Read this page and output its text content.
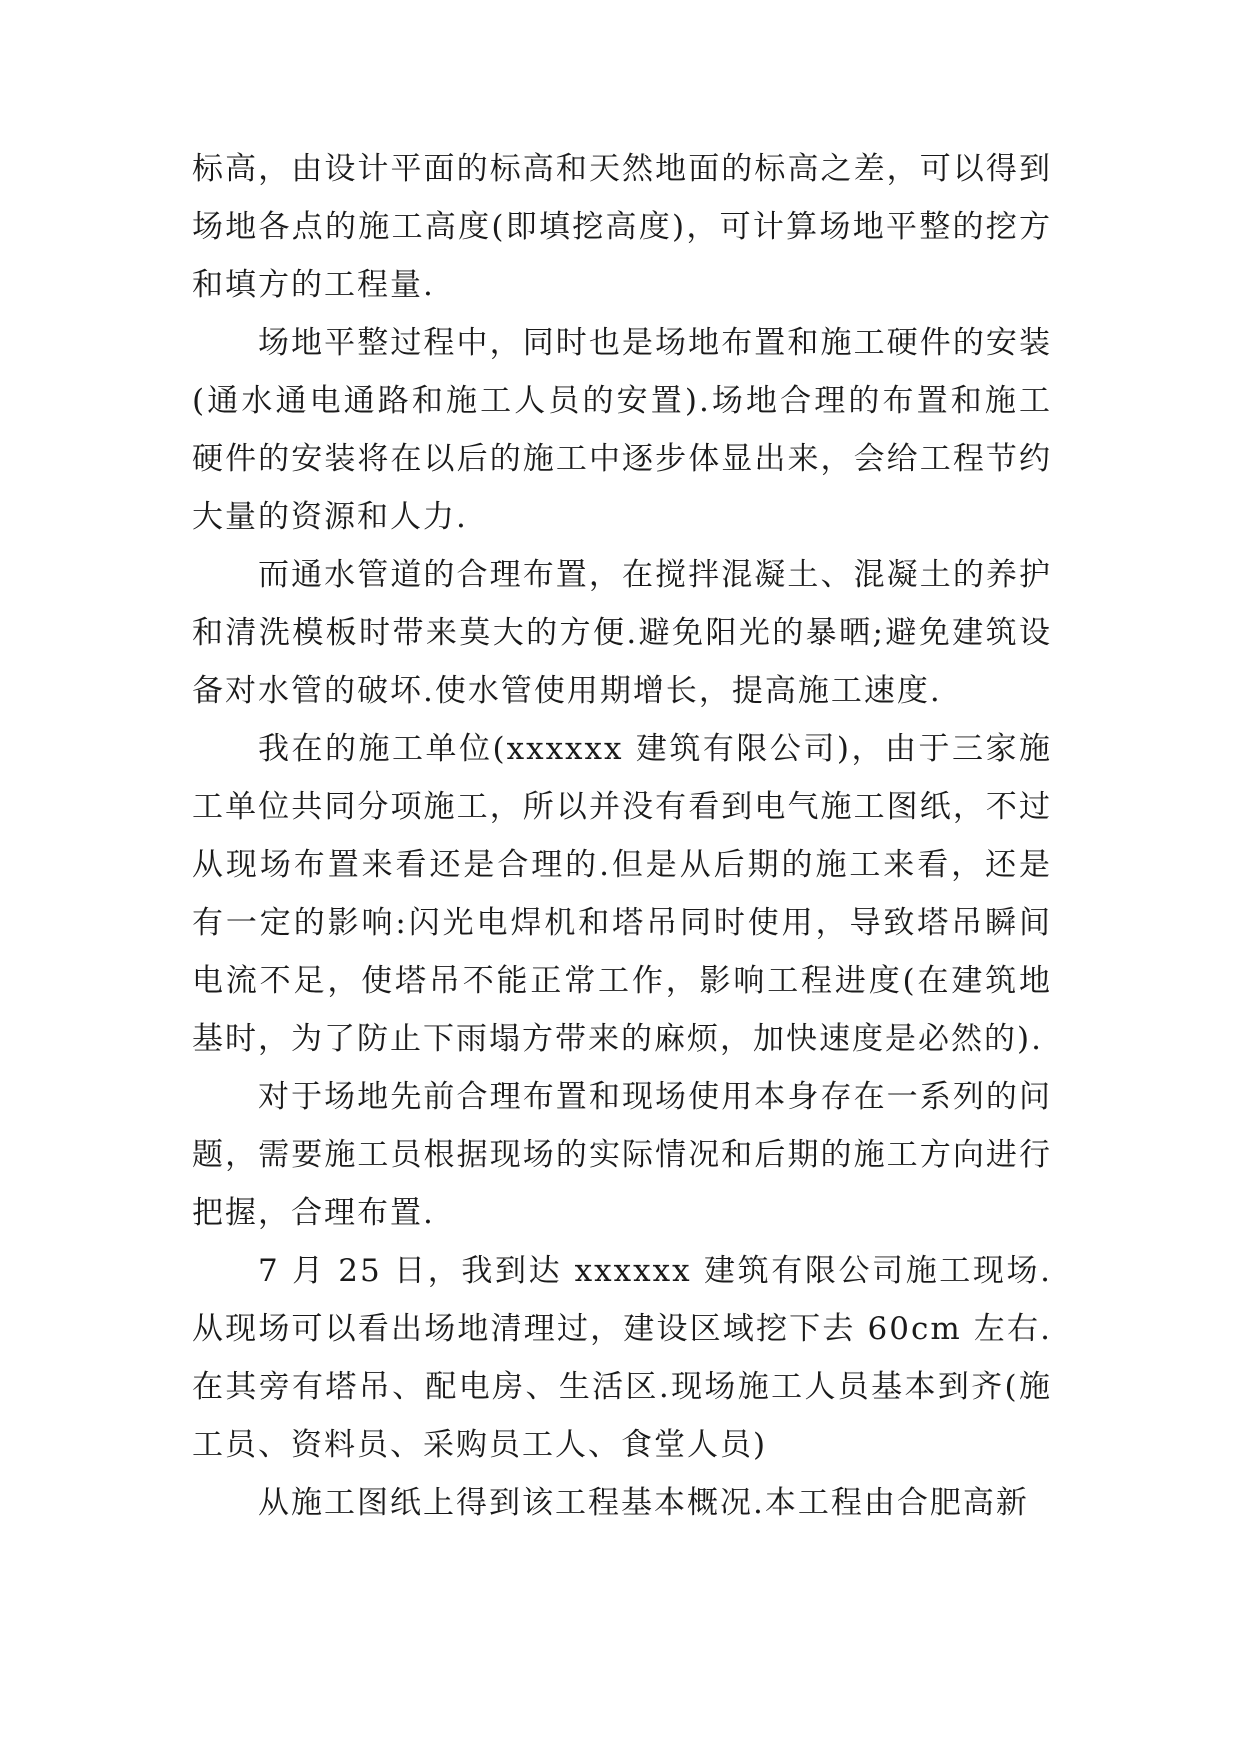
标高，由设计平面的标高和天然地面的标高之差，可以得到场地各点的施工高度(即填挖高度)，可计算场地平整的挖方和填方的工程量.

场地平整过程中，同时也是场地布置和施工硬件的安装(通水通电通路和施工人员的安置).场地合理的布置和施工硬件的安装将在以后的施工中逐步体显出来，会给工程节约大量的资源和人力.

而通水管道的合理布置，在搅拌混凝土、混凝土的养护和清洗模板时带来莫大的方便.避免阳光的暴晒;避免建筑设备对水管的破坏.使水管使用期增长，提高施工速度.

我在的施工单位(xxxxxx 建筑有限公司)，由于三家施工单位共同分项施工，所以并没有看到电气施工图纸，不过从现场布置来看还是合理的.但是从后期的施工来看，还是有一定的影响:闪光电焊机和塔吊同时使用，导致塔吊瞬间电流不足，使塔吊不能正常工作，影响工程进度(在建筑地基时，为了防止下雨塌方带来的麻烦，加快速度是必然的).

对于场地先前合理布置和现场使用本身存在一系列的问题，需要施工员根据现场的实际情况和后期的施工方向进行把握，合理布置.

7 月 25 日，我到达 xxxxxx 建筑有限公司施工现场.从现场可以看出场地清理过，建设区域挖下去 60cm 左右.在其旁有塔吊、配电房、生活区.现场施工人员基本到齐(施工员、资料员、采购员工人、食堂人员)

从施工图纸上得到该工程基本概况.本工程由合肥高新
